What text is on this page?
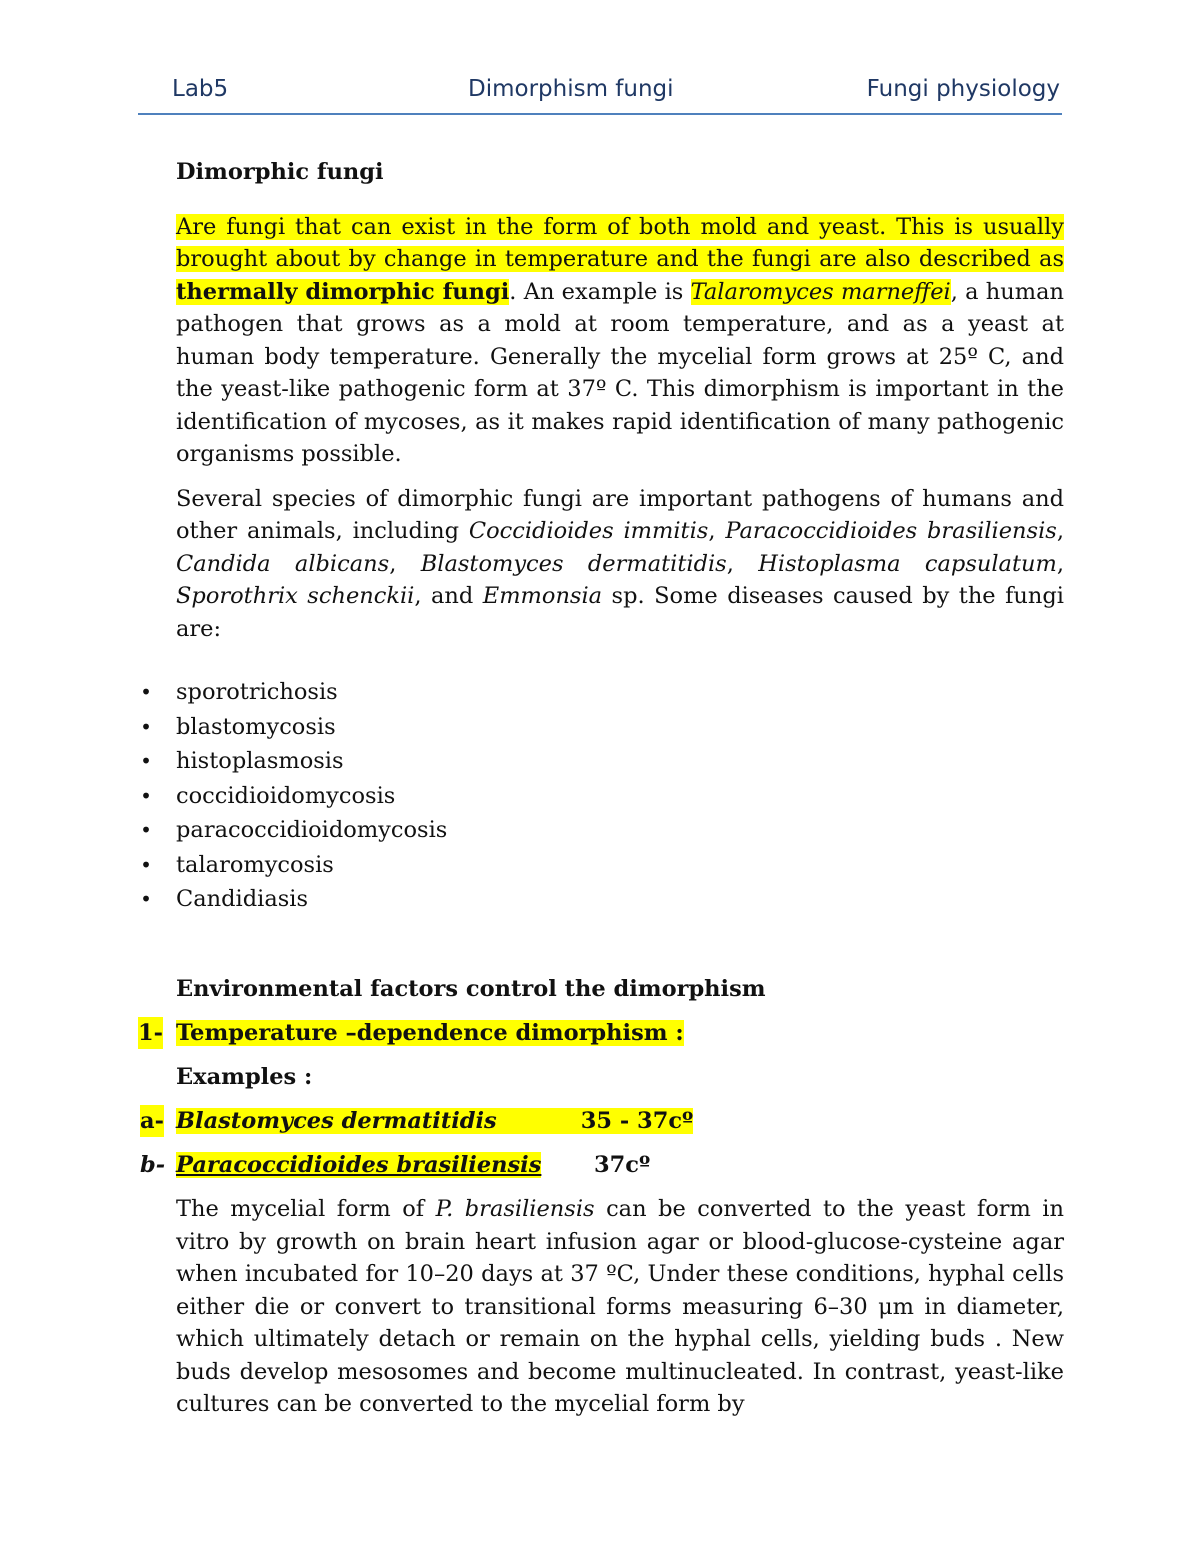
Lab5	Dimorphism fungi	Fungi physiology
Dimorphic fungi

Are fungi that can exist in the form of both mold and yeast. This is usually brought about by change in temperature and the fungi are also described as thermally dimorphic fungi. An example is Talaromyces marneffei, a human pathogen that grows as a mold at room temperature, and as a yeast at human body temperature. Generally the mycelial form grows at 25º C, and the yeast-like pathogenic form at 37º C. This dimorphism is important in the identification of mycoses, as it makes rapid identification of many pathogenic organisms possible.

Several species of dimorphic fungi are important pathogens of humans and other animals, including Coccidioides immitis, Paracoccidioides brasiliensis, Candida albicans, Blastomyces dermatitidis, Histoplasma capsulatum, Sporothrix schenckii, and Emmonsia sp. Some diseases caused by the fungi are:

• sporotrichosis
• blastomycosis
• histoplasmosis
• coccidioidomycosis
• paracoccidioidomycosis
• talaromycosis
• Candidiasis
Environmental factors control the dimorphism
1- Temperature –dependence dimorphism :
Examples :
a- Blastomyces dermatitidis	35 - 37cº
b- Paracoccidioides brasiliensis 37cº

The mycelial form of P. brasiliensis can be converted to the yeast form in vitro by growth on brain heart infusion agar or blood-glucose-cysteine agar when incubated for 10–20 days at 37 ºC, Under these conditions, hyphal cells either die or convert to transitional forms measuring 6–30 μm in diameter, which ultimately detach or remain on the hyphal cells, yielding buds . New buds develop mesosomes and become multinucleated. In contrast, yeast-like cultures can be converted to the mycelial form by
